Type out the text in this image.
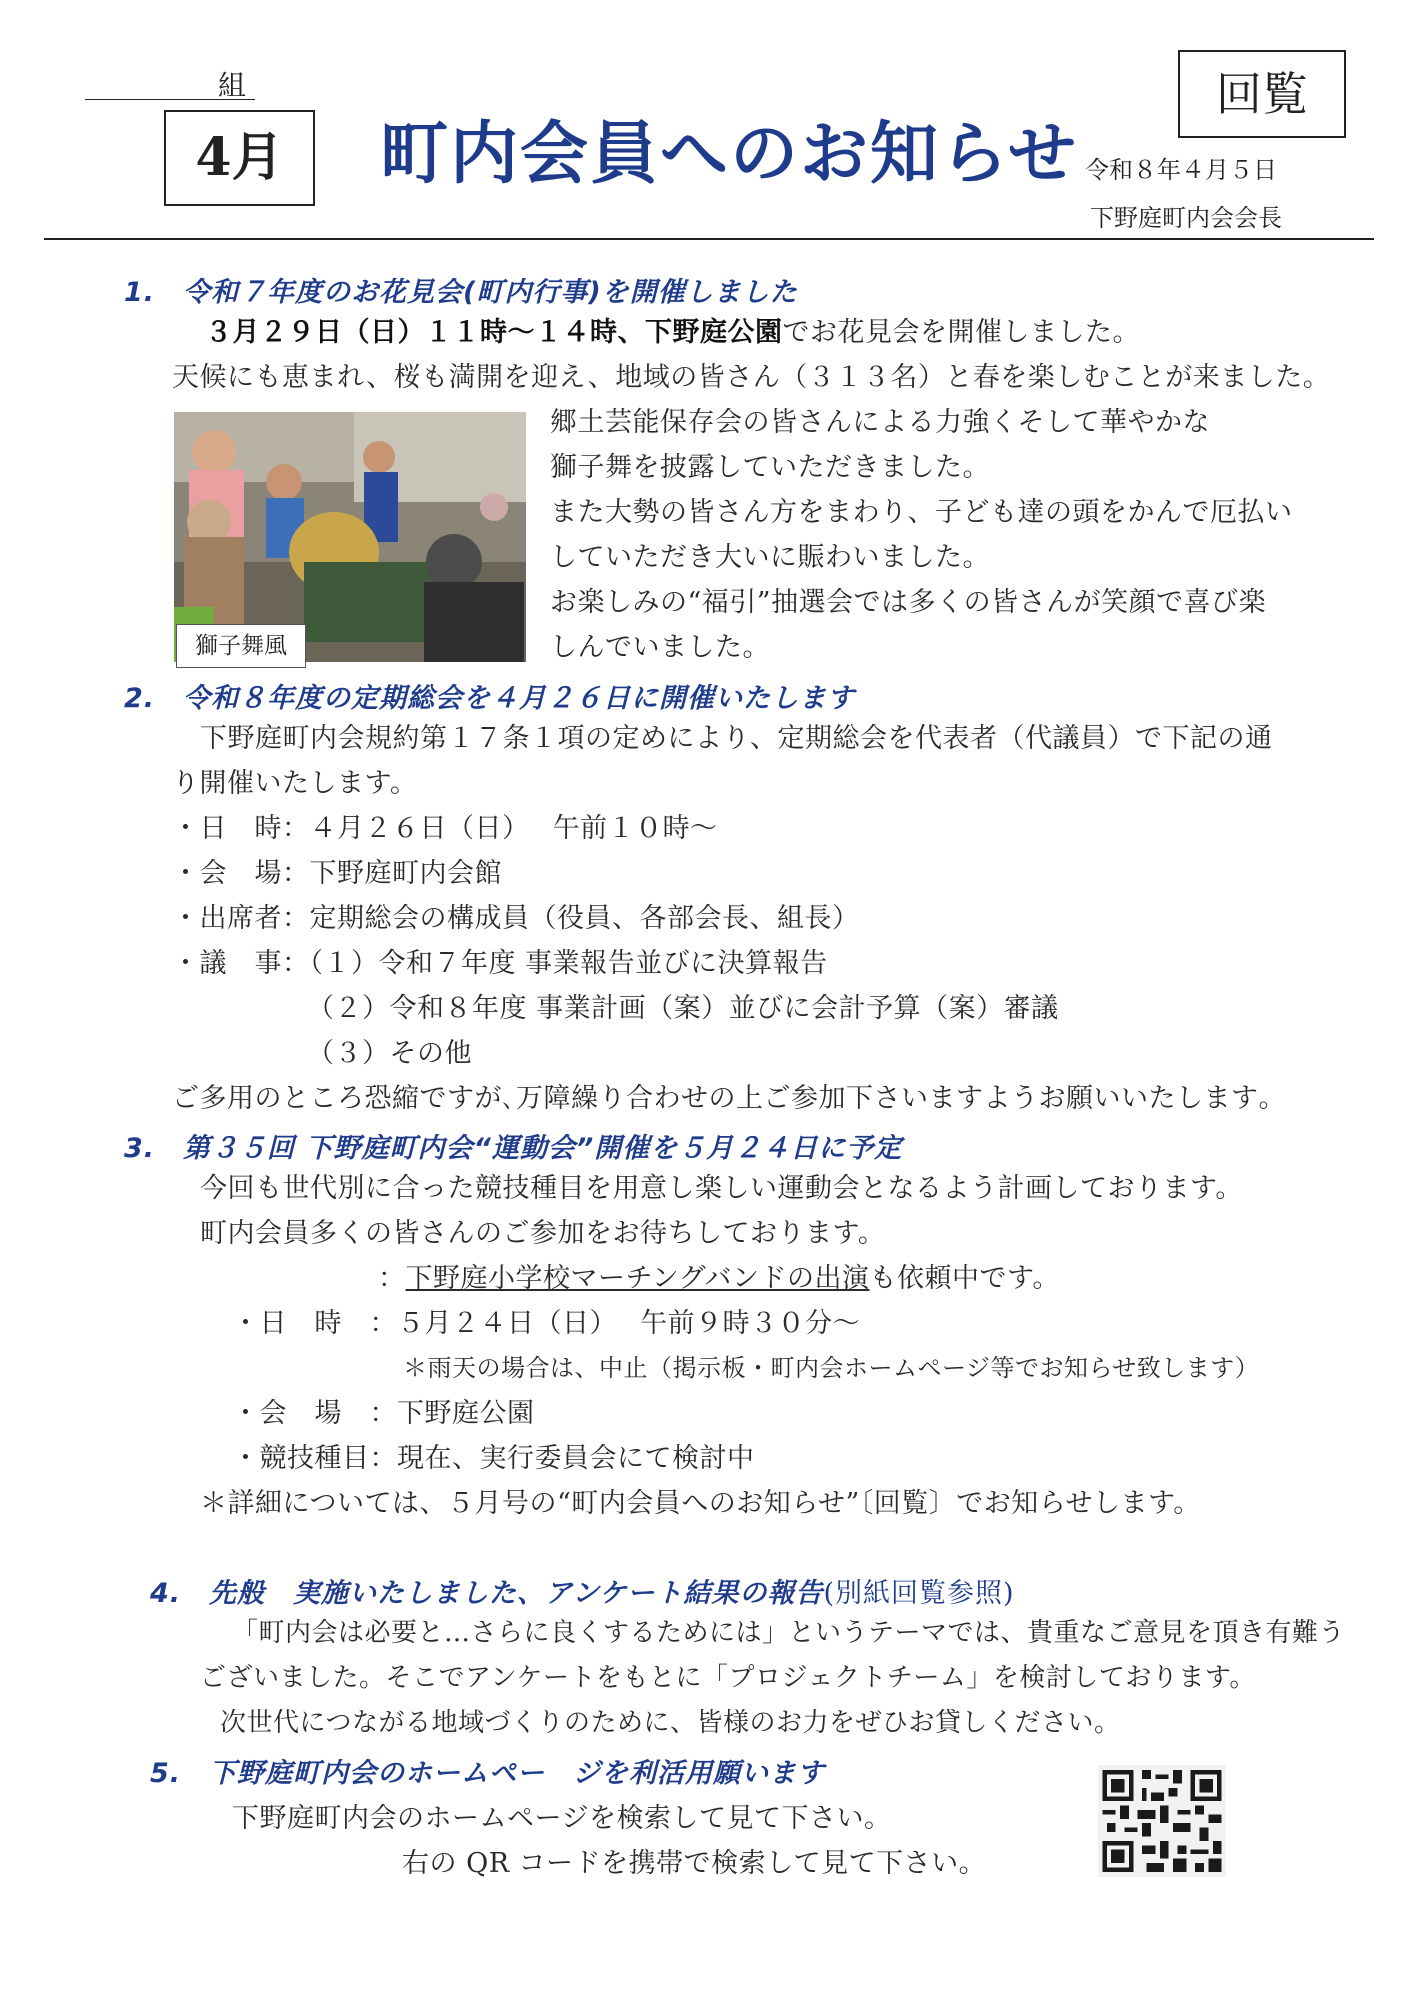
組
4月	町内会員へのお知らせ
回覧
令和８年４月５日
下野庭町内会会長
1.　令和７年度のお花見会(町内行事)を開催しました
３月２９日（日）１１時～１４時、下野庭公園でお花見会を開催しました。
天候にも恵まれ、桜も満開を迎え、地域の皆さん（３１３名）と春を楽しむことが来ました。
獅子舞風
郷土芸能保存会の皆さんによる力強くそして華やかな
獅子舞を披露していただきました。
また大勢の皆さん方をまわり、子ども達の頭をかんで厄払い
していただき大いに賑わいました。
お楽しみの“福引”抽選会では多くの皆さんが笑顔で喜び楽
しんでいました。
2.　令和８年度の定期総会を４月２６日に開催いたします
下野庭町内会規約第１７条１項の定めにより、定期総会を代表者（代議員）で下記の通
り開催いたします。
・日　時：４月２６日（日）　 午前１０時～
・会　場：下野庭町内会館
・出席者：定期総会の構成員（役員、各部会長、組長）
・議　事：（１）令和７年度 事業報告並びに決算報告
（２）令和８年度 事業計画（案）並びに会計予算（案）審議
（３）その他
ご多用のところ恐縮ですが､万障繰り合わせの上ご参加下さいますようお願いいたします｡
3.　第３５回 下野庭町内会“運動会”開催を５月２４日に予定
今回も世代別に合った競技種目を用意し楽しい運動会となるよう計画しております。
町内会員多くの皆さんのご参加をお待ちしております。
：下野庭小学校マーチングバンドの出演も依頼中です。
・日　時　：５月２４日（日）　 午前９時３０分～
＊雨天の場合は、中止（掲示板・町内会ホームページ等でお知らせ致します）
・会　場　：下野庭公園
・競技種目：現在、実行委員会にて検討中
＊詳細については、５月号の“町内会員へのお知らせ”〔回覧〕でお知らせします。
4.　先般　実施いたしました、アンケート結果の報告(別紙回覧参照)
「町内会は必要と…さらに良くするためには」というテーマでは、貴重なご意見を頂き有難う
ございました。そこでアンケートをもとに「プロジェクトチーム」を検討しております。
次世代につながる地域づくりのために、皆様のお力をぜひお貸しください。
5.　下野庭町内会のホームペー　ジを利活用願います
下野庭町内会のホームページを検索して見て下さい。
右の QR コードを携帯で検索して見て下さい。
